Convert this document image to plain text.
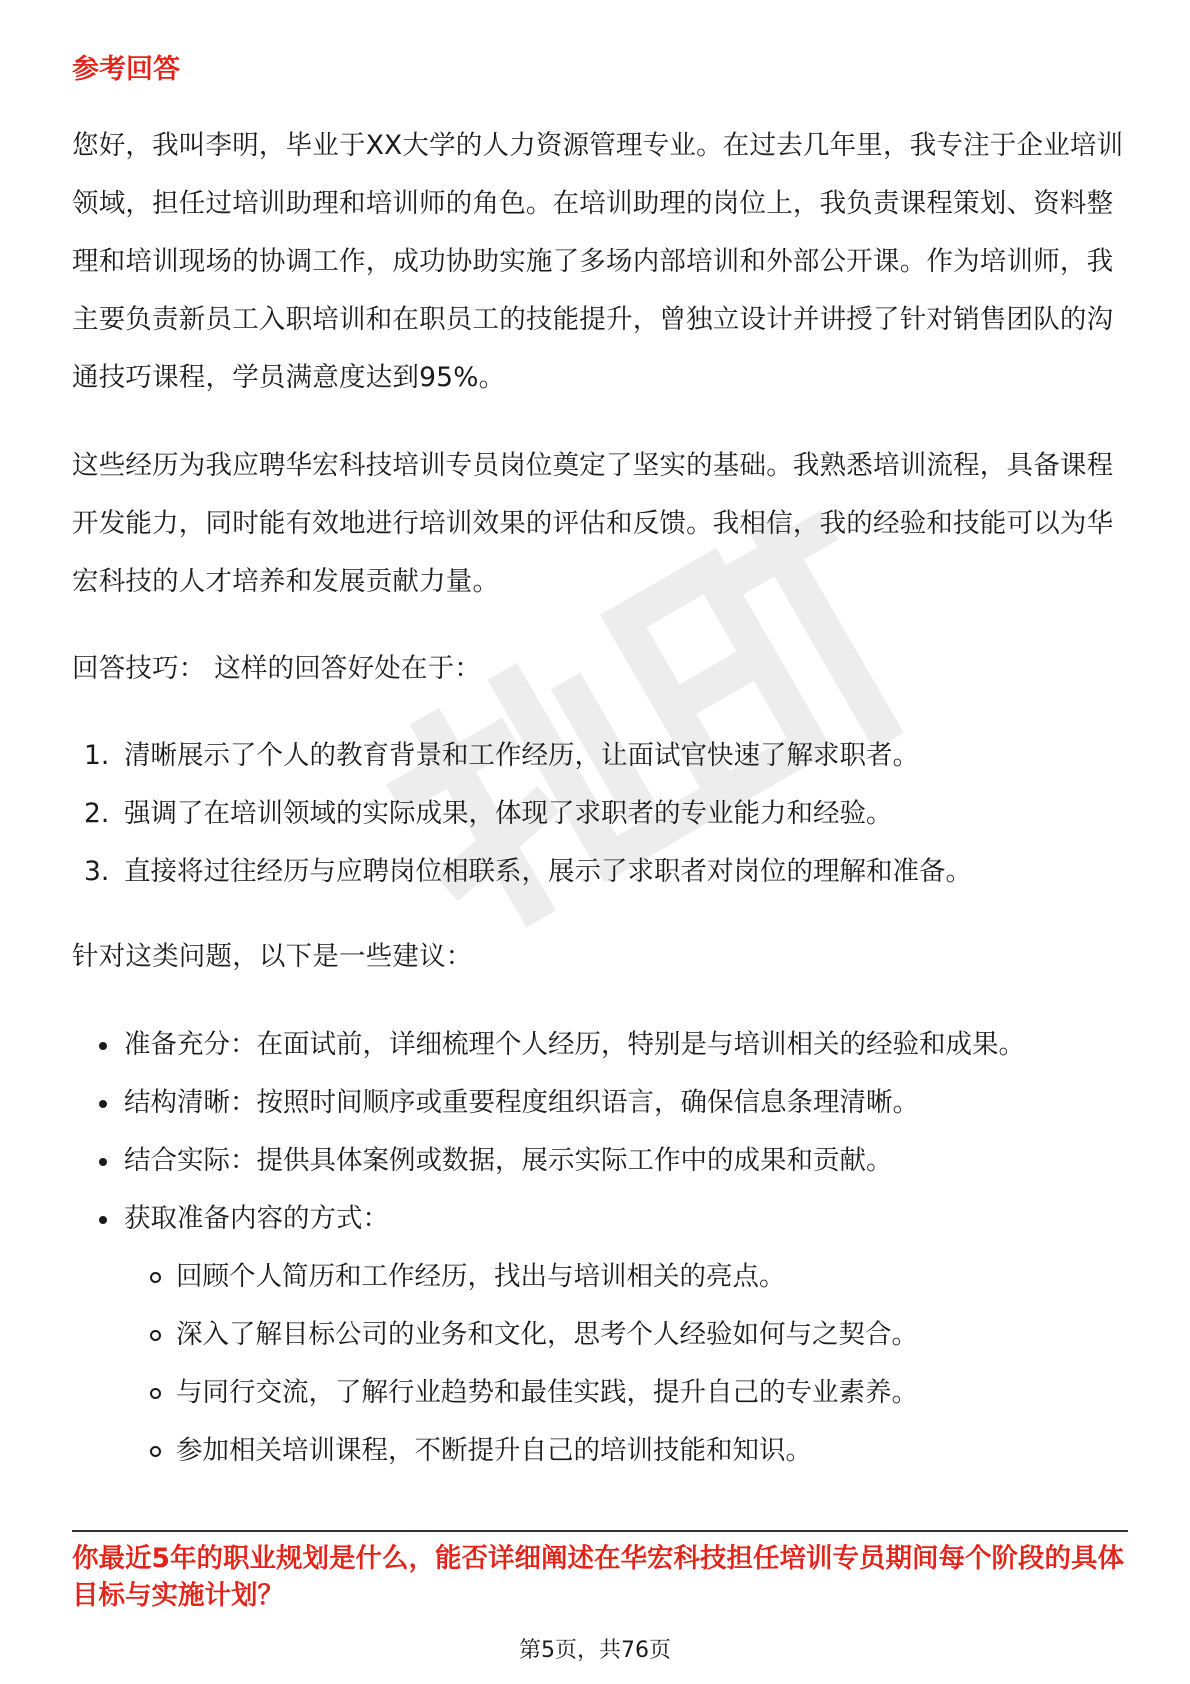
参考回答
您好，我叫李明，毕业于XX大学的人力资源管理专业。在过去几年里，我专注于企业培训领域，担任过培训助理和培训师的角色。在培训助理的岗位上，我负责课程策划、资料整理和培训现场的协调工作，成功协助实施了多场内部培训和外部公开课。作为培训师，我主要负责新员工入职培训和在职员工的技能提升，曾独立设计并讲授了针对销售团队的沟通技巧课程，学员满意度达到95%。
这些经历为我应聘华宏科技培训专员岗位奠定了坚实的基础。我熟悉培训流程，具备课程开发能力，同时能有效地进行培训效果的评估和反馈。我相信，我的经验和技能可以为华宏科技的人才培养和发展贡献力量。
回答技巧： 这样的回答好处在于：
1. 清晰展示了个人的教育背景和工作经历，让面试官快速了解求职者。
2. 强调了在培训领域的实际成果，体现了求职者的专业能力和经验。
3. 直接将过往经历与应聘岗位相联系，展示了求职者对岗位的理解和准备。
针对这类问题，以下是一些建议：
准备充分：在面试前，详细梳理个人经历，特别是与培训相关的经验和成果。
结构清晰：按照时间顺序或重要程度组织语言，确保信息条理清晰。
结合实际：提供具体案例或数据，展示实际工作中的成果和贡献。
获取准备内容的方式：
回顾个人简历和工作经历，找出与培训相关的亮点。
深入了解目标公司的业务和文化，思考个人经验如何与之契合。
与同行交流，了解行业趋势和最佳实践，提升自己的专业素养。
参加相关培训课程，不断提升自己的培训技能和知识。
你最近5年的职业规划是什么，能否详细阐述在华宏科技担任培训专员期间每个阶段的具体目标与实施计划？
第5页，共76页
